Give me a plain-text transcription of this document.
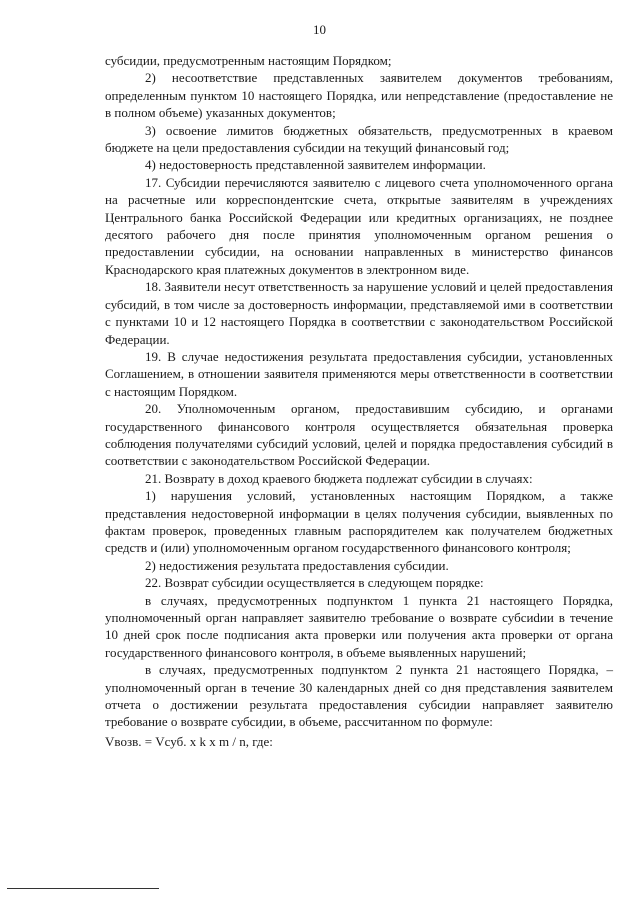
10

субсидии, предусмотренным настоящим Порядком;

2) несоответствие представленных заявителем документов требованиям, определенным пунктом 10 настоящего Порядка, или непредставление (предоставление не в полном объеме) указанных документов;

3) освоение лимитов бюджетных обязательств, предусмотренных в краевом бюджете на цели предоставления субсидии на текущий финансовый год;

4) недостоверность представленной заявителем информации.

17. Субсидии перечисляются заявителю с лицевого счета уполномоченного органа на расчетные или корреспондентские счета, открытые заявителям в учреждениях Центрального банка Российской Федерации или кредитных организациях, не позднее десятого рабочего дня после принятия уполномоченным органом решения о предоставлении субсидии, на основании направленных в министерство финансов Краснодарского края платежных документов в электронном виде.

18. Заявители несут ответственность за нарушение условий и целей предоставления субсидий, в том числе за достоверность информации, представляемой ими в соответствии с пунктами 10 и 12 настоящего Порядка в соответствии с законодательством Российской Федерации.

19. В случае недостижения результата предоставления субсидии, установленных Соглашением, в отношении заявителя применяются меры ответственности в соответствии с настоящим Порядком.

20. Уполномоченным органом, предоставившим субсидию, и органами государственного финансового контроля осуществляется обязательная проверка соблюдения получателями субсидий условий, целей и порядка предоставления субсидий в соответствии с законодательством Российской Федерации.

21. Возврату в доход краевого бюджета подлежат субсидии в случаях:

1) нарушения условий, установленных настоящим Порядком, а также представления недостоверной информации в целях получения субсидии, выявленных по фактам проверок, проведенных главным распорядителем как получателем бюджетных средств и (или) уполномоченным органом государственного финансового контроля;

2) недостижения результата предоставления субсидии.

22. Возврат субсидии осуществляется в следующем порядке:

в случаях, предусмотренных подпунктом 1 пункта 21 настоящего Порядка, уполномоченный орган направляет заявителю требование о возврате субсиdии в течение 10 дней срок после подписания акта проверки или получения акта проверки от органа государственного финансового контроля, в объеме выявленных нарушений;

в случаях, предусмотренных подпунктом 2 пункта 21 настоящего Порядка, – уполномоченный орган в течение 30 календарных дней со дня представления заявителем отчета о достижении результата предоставления субсидии направляет заявителю требование о возврате субсидии, в объеме, рассчитанном по формуле:

Vвозв. = Vсуб. x k x m / n, где:
